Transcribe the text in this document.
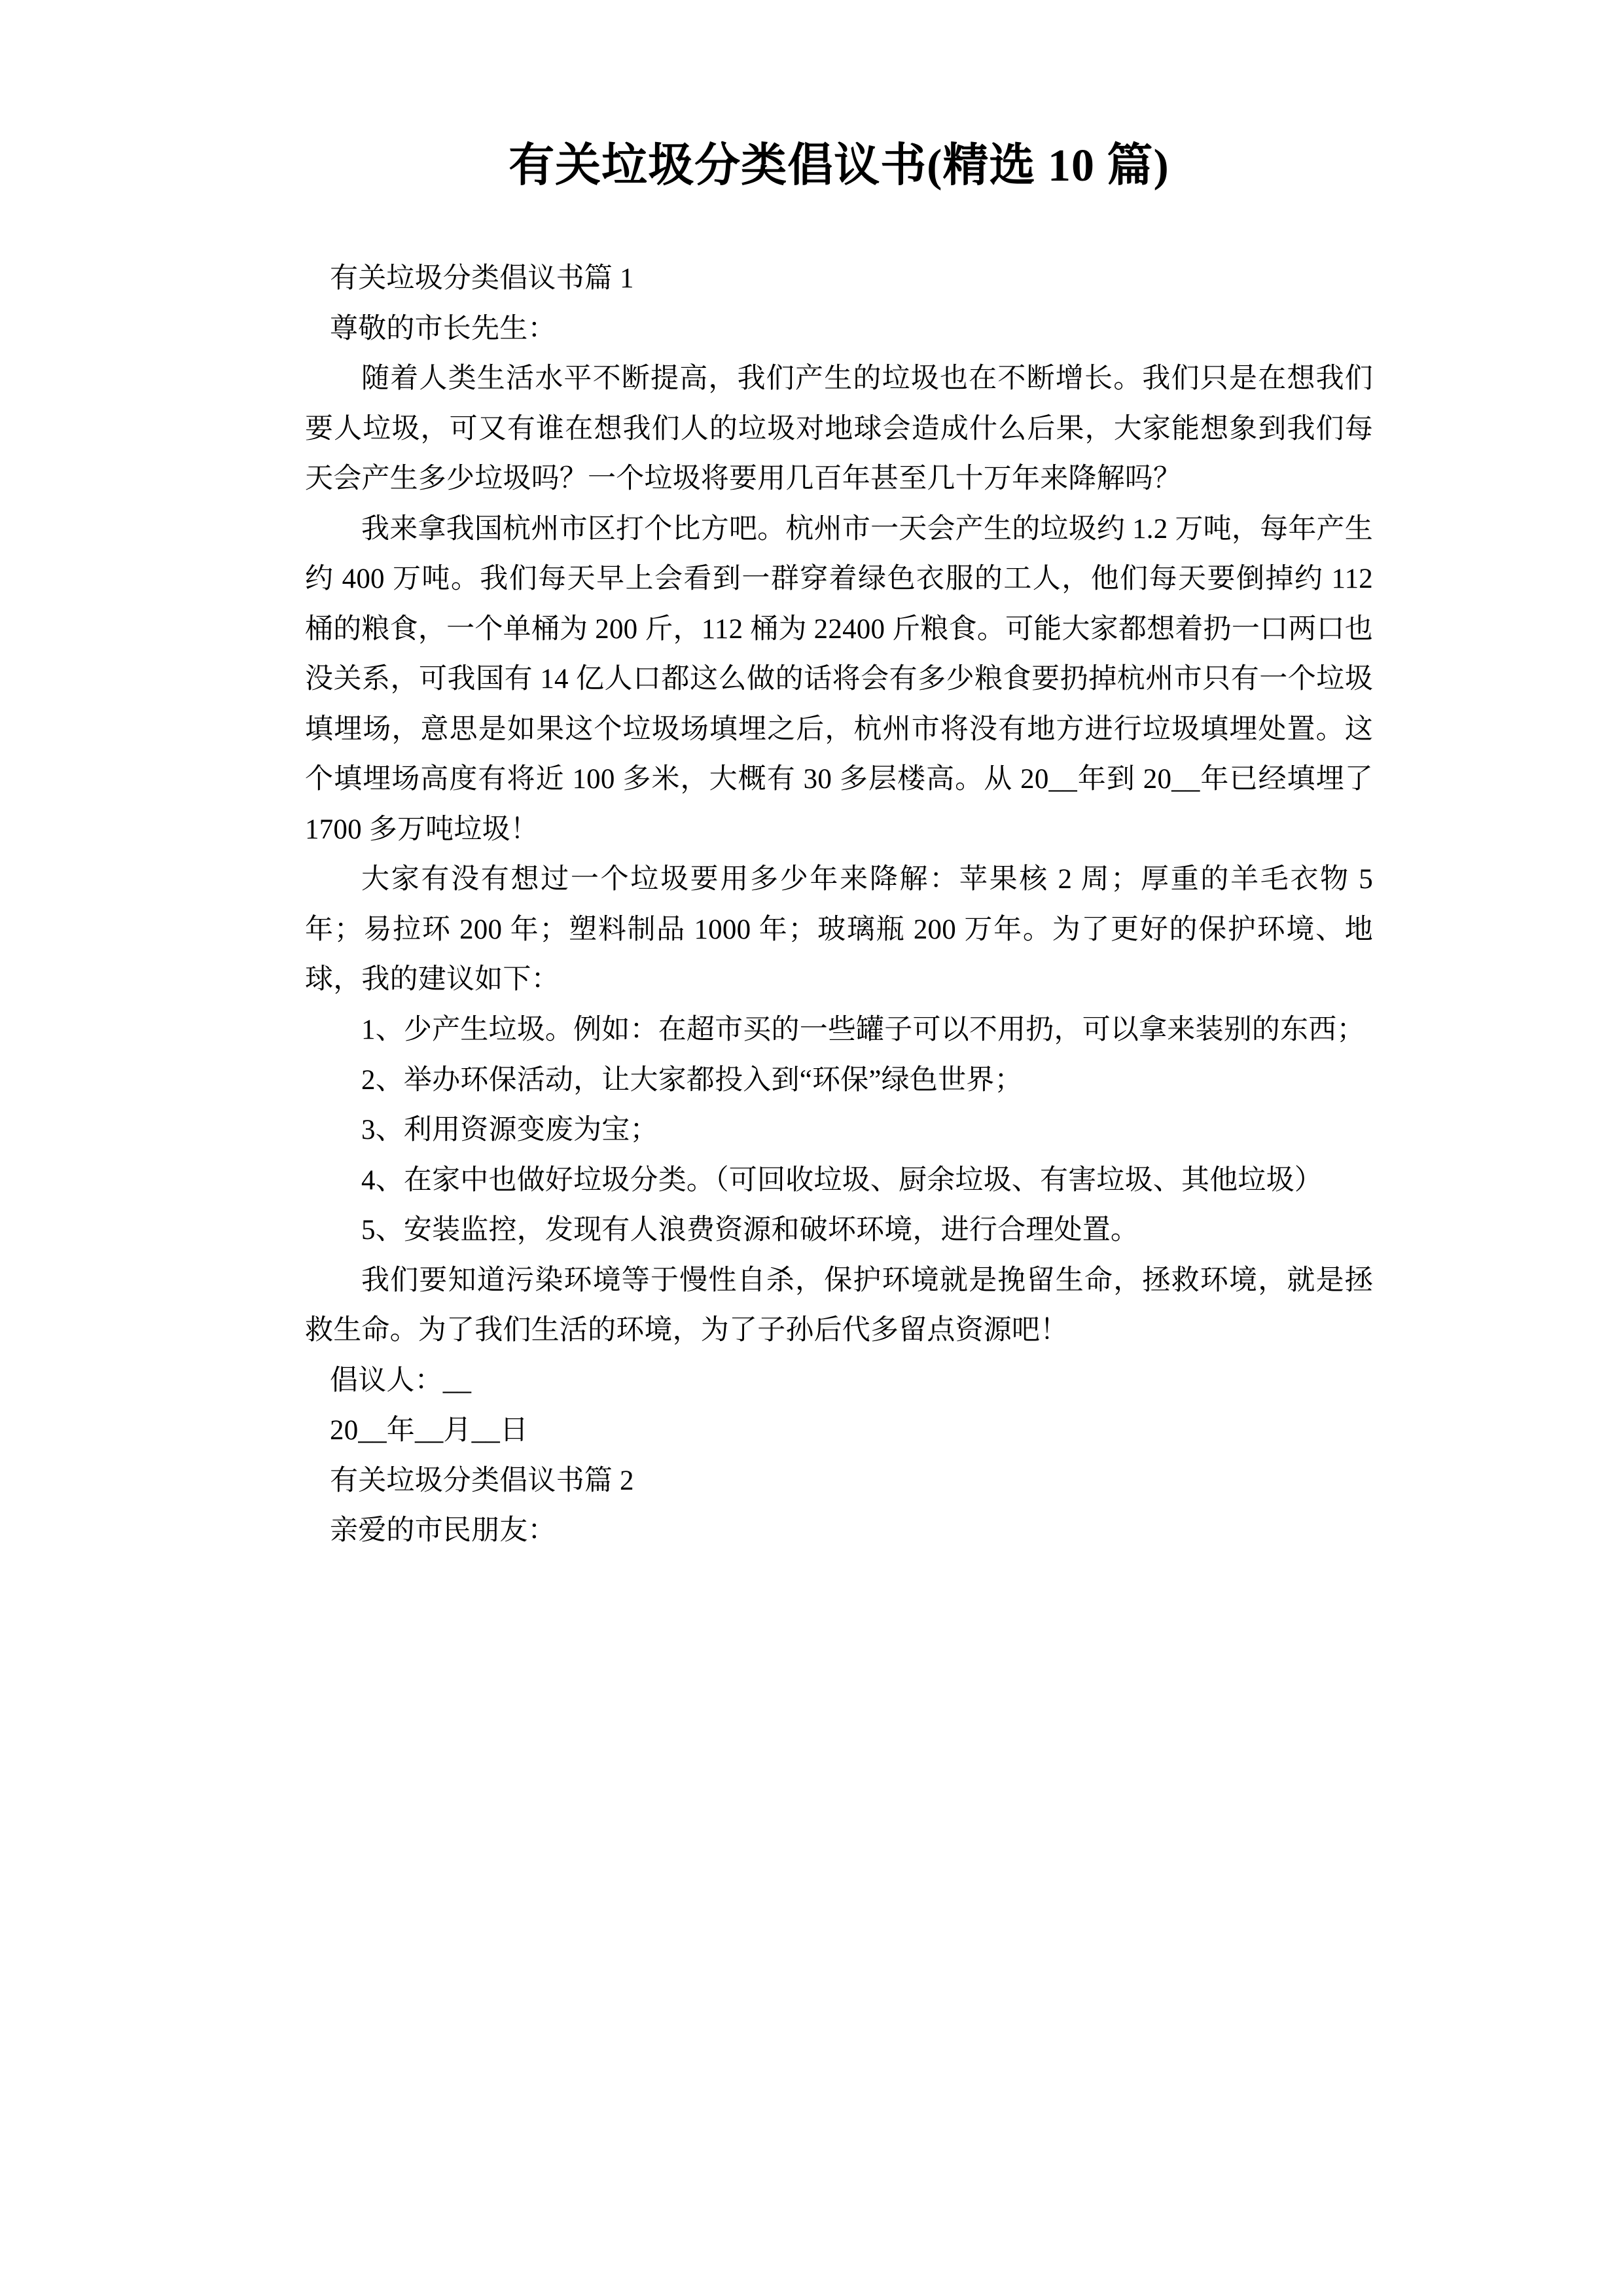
有关垃圾分类倡议书(精选 10 篇)

有关垃圾分类倡议书篇 1

尊敬的市长先生：

随着人类生活水平不断提高，我们产生的垃圾也在不断增长。我们只是在想我们要人垃圾，可又有谁在想我们人的垃圾对地球会造成什么后果，大家能想象到我们每天会产生多少垃圾吗？一个垃圾将要用几百年甚至几十万年来降解吗？

我来拿我国杭州市区打个比方吧。杭州市一天会产生的垃圾约 1.2 万吨，每年产生约 400 万吨。我们每天早上会看到一群穿着绿色衣服的工人，他们每天要倒掉约 112 桶的粮食，一个单桶为 200 斤，112 桶为 22400 斤粮食。可能大家都想着扔一口两口也没关系，可我国有 14 亿人口都这么做的话将会有多少粮食要扔掉杭州市只有一个垃圾填埋场，意思是如果这个垃圾场填埋之后，杭州市将没有地方进行垃圾填埋处置。这个填埋场高度有将近 100 多米，大概有 30 多层楼高。从 20__年到 20__年已经填埋了 1700 多万吨垃圾！

大家有没有想过一个垃圾要用多少年来降解：苹果核 2 周；厚重的羊毛衣物 5 年；易拉环 200 年；塑料制品 1000 年；玻璃瓶 200 万年。为了更好的保护环境、地球，我的建议如下：

1、少产生垃圾。例如：在超市买的一些罐子可以不用扔，可以拿来装别的东西；

2、举办环保活动，让大家都投入到“环保”绿色世界；

3、利用资源变废为宝；

4、在家中也做好垃圾分类。（可回收垃圾、厨余垃圾、有害垃圾、其他垃圾）

5、安装监控，发现有人浪费资源和破坏环境，进行合理处置。

我们要知道污染环境等于慢性自杀，保护环境就是挽留生命，拯救环境，就是拯救生命。为了我们生活的环境，为了子孙后代多留点资源吧！

倡议人：__

20__年__月__日

有关垃圾分类倡议书篇 2

亲爱的市民朋友：
